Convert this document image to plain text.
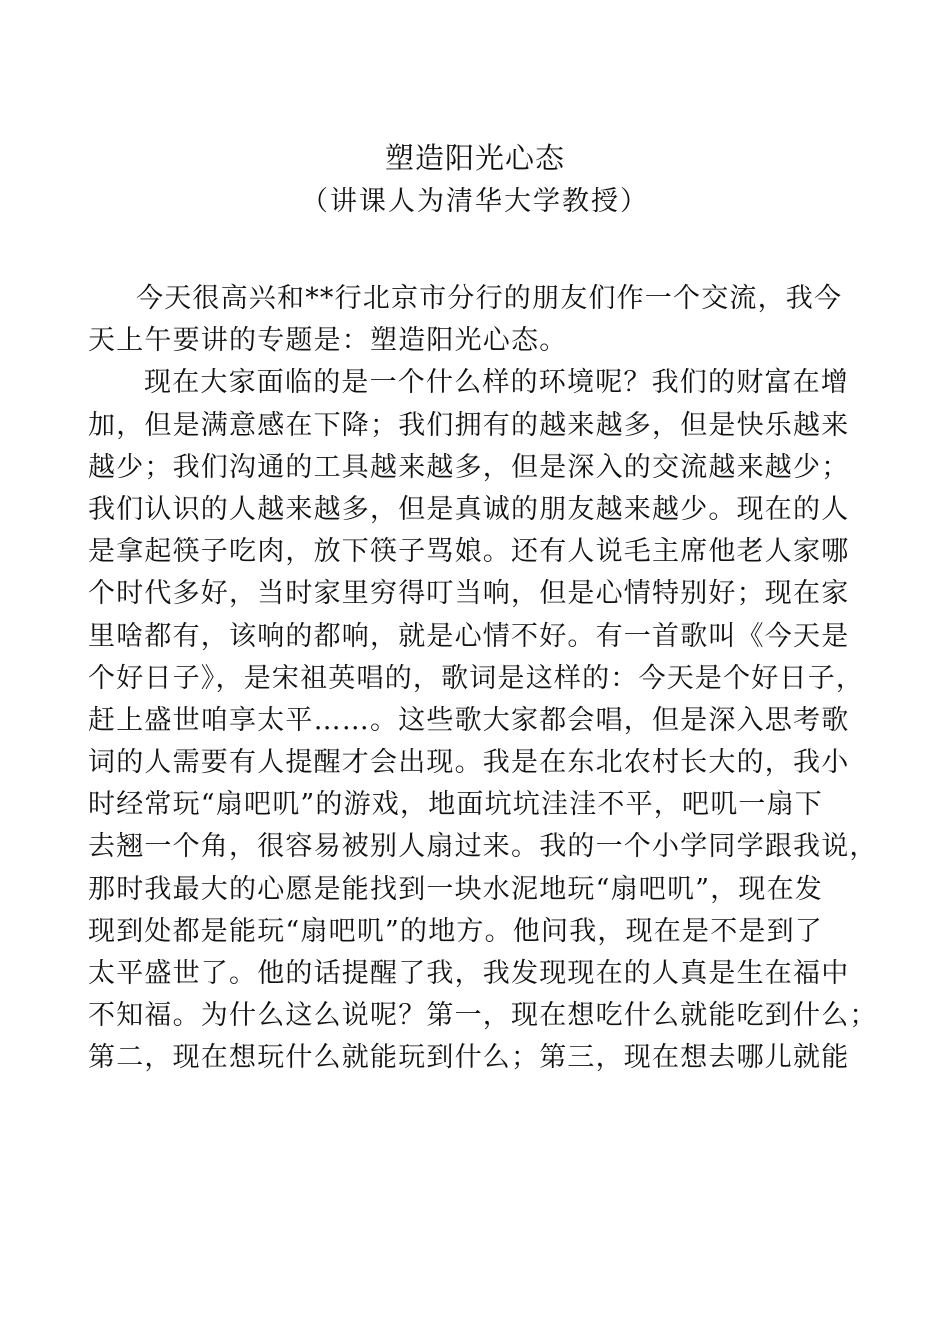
塑造阳光心态
（讲课人为清华大学教授）
今天很高兴和**行北京市分行的朋友们作一个交流，我今
天上午要讲的专题是：塑造阳光心态。
现在大家面临的是一个什么样的环境呢？我们的财富在增
加，但是满意感在下降；我们拥有的越来越多，但是快乐越来
越少；我们沟通的工具越来越多，但是深入的交流越来越少；
我们认识的人越来越多，但是真诚的朋友越来越少。现在的人
是拿起筷子吃肉，放下筷子骂娘。还有人说毛主席他老人家哪
个时代多好，当时家里穷得叮当响，但是心情特别好；现在家
里啥都有，该响的都响，就是心情不好。有一首歌叫《今天是
个好日子》，是宋祖英唱的，歌词是这样的：今天是个好日子，
赶上盛世咱享太平……。这些歌大家都会唱，但是深入思考歌
词的人需要有人提醒才会出现。我是在东北农村长大的，我小
时经常玩“扇吧叽”的游戏，地面坑坑洼洼不平，吧叽一扇下
去翘一个角，很容易被别人扇过来。我的一个小学同学跟我说，
那时我最大的心愿是能找到一块水泥地玩“扇吧叽”，现在发
现到处都是能玩“扇吧叽”的地方。他问我，现在是不是到了
太平盛世了。他的话提醒了我，我发现现在的人真是生在福中
不知福。为什么这么说呢？第一，现在想吃什么就能吃到什么；
第二，现在想玩什么就能玩到什么；第三，现在想去哪儿就能
